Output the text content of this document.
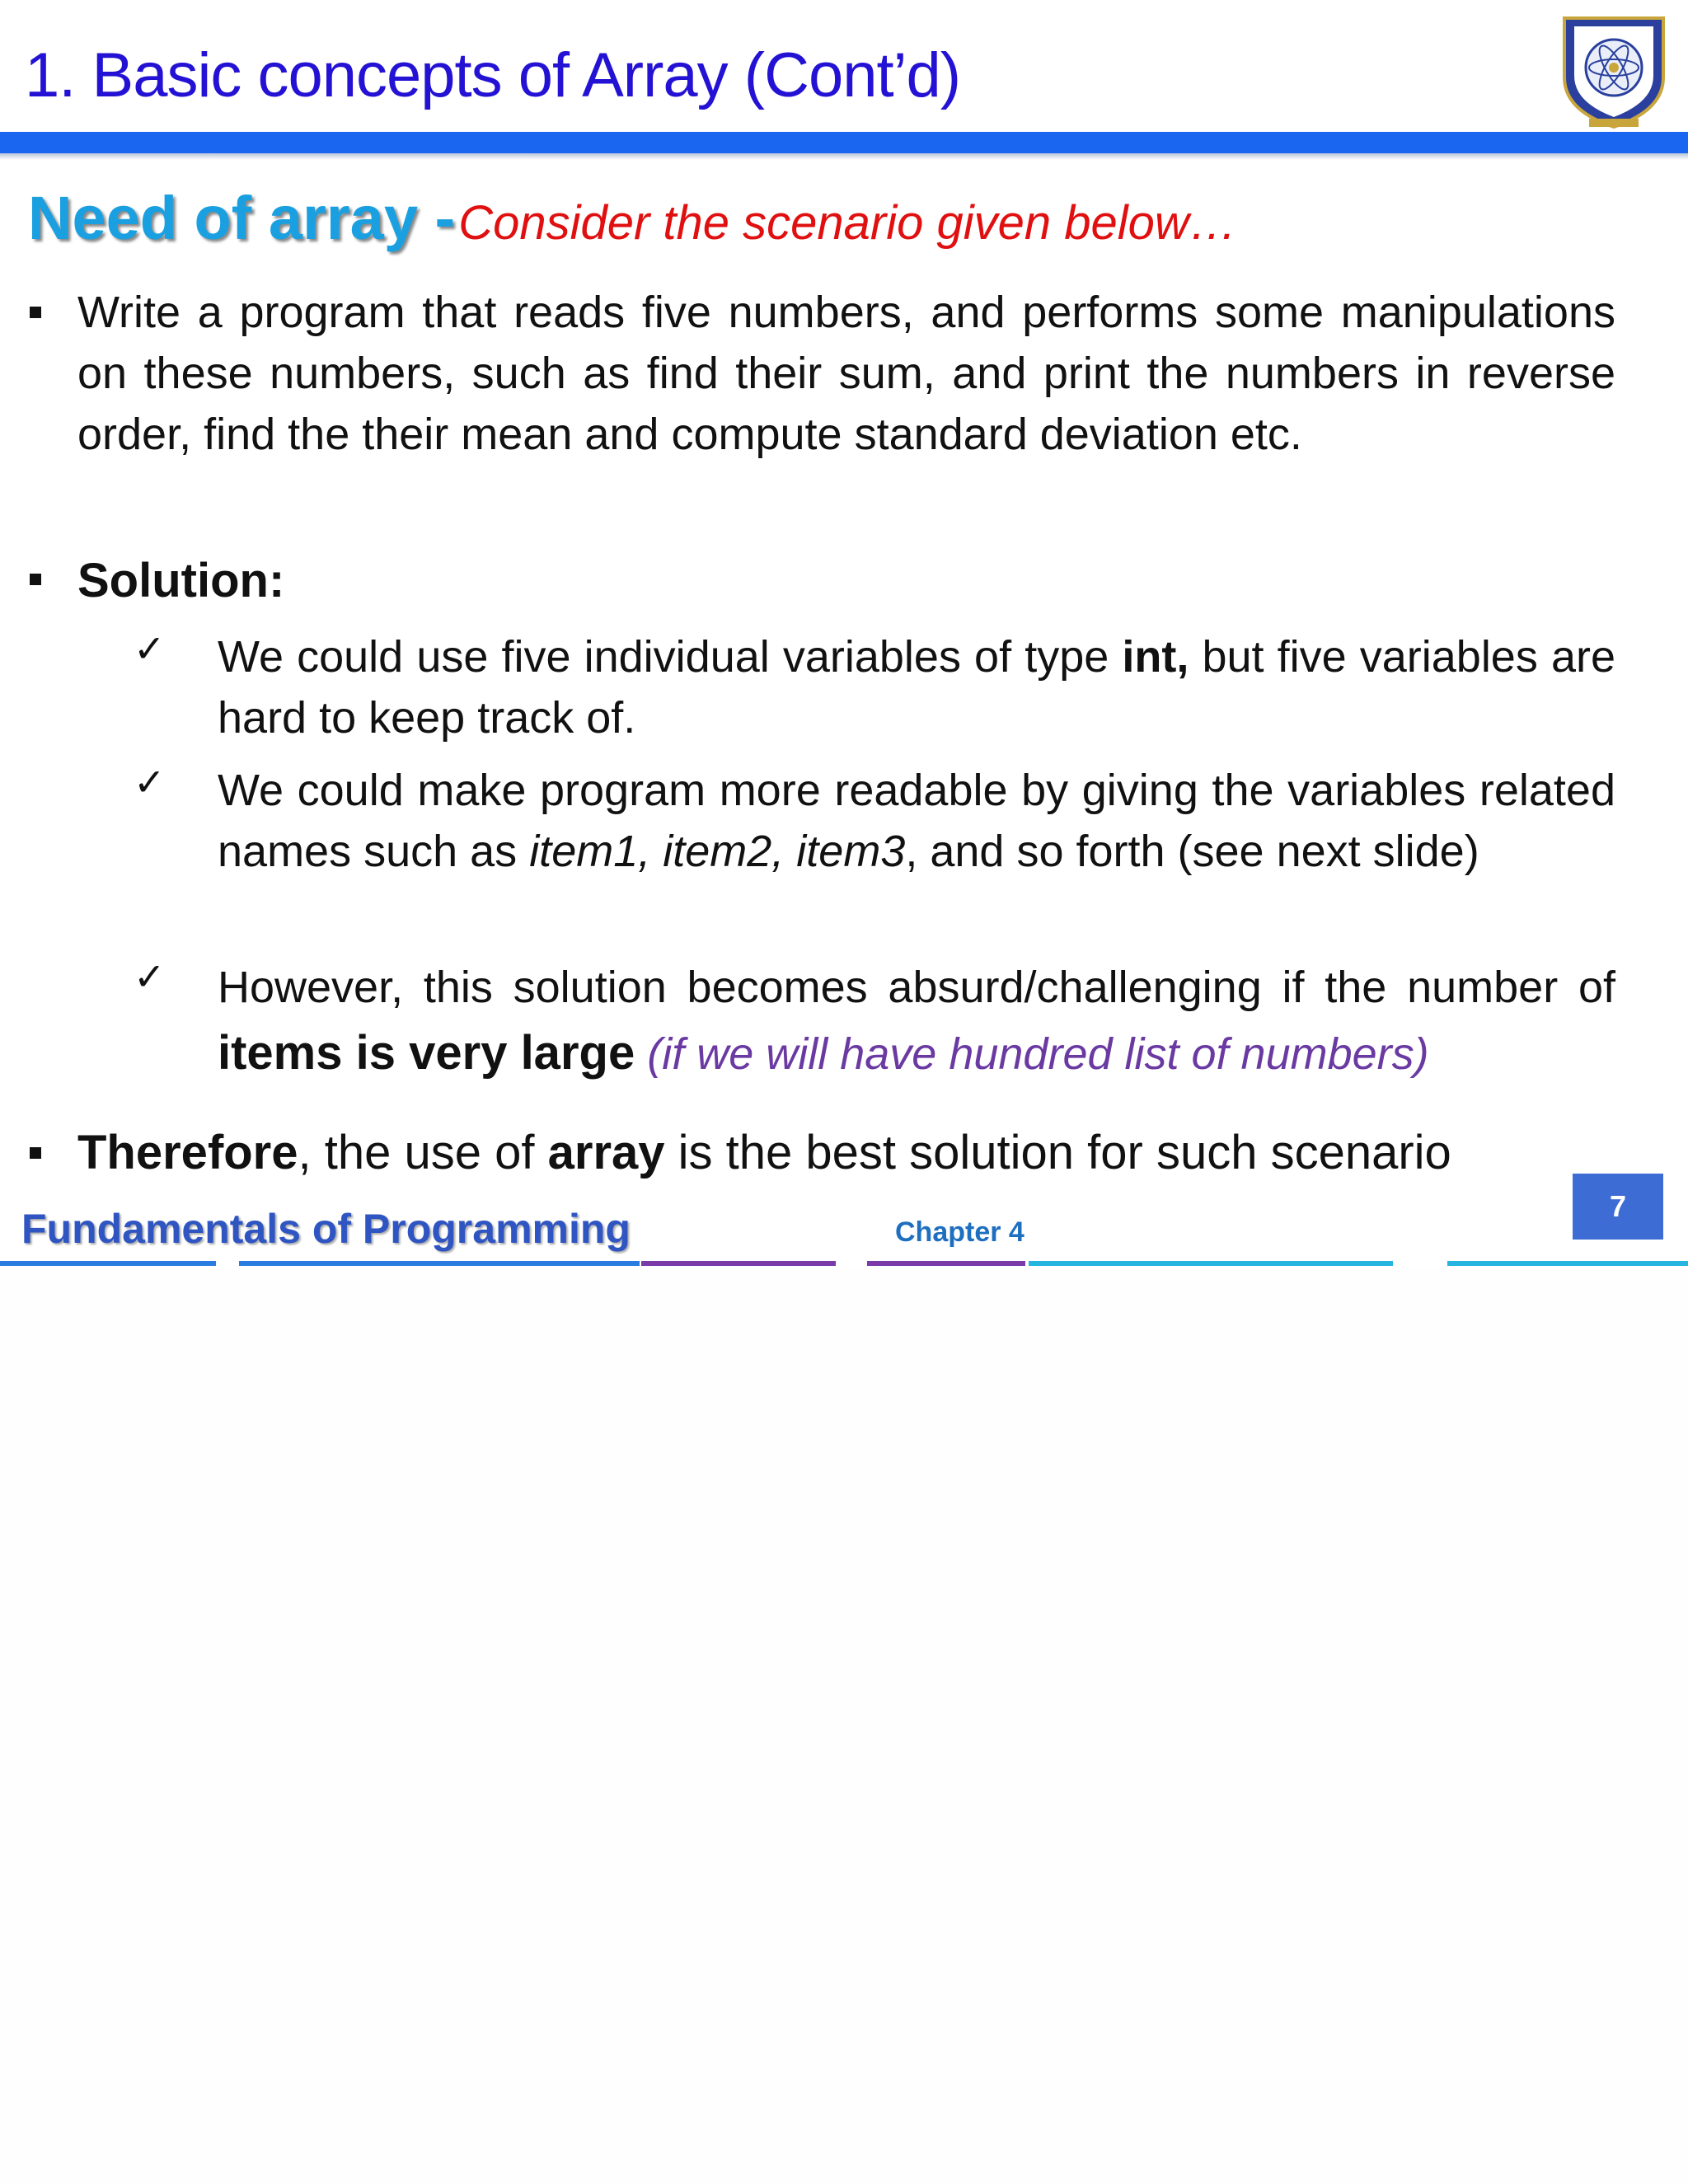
1. Basic concepts of Array (Cont’d)
Need of array - Consider the scenario given below…
Write a program that reads five numbers, and performs some manipulations on these numbers, such as find their sum, and print the numbers in reverse order, find the their mean and compute standard deviation etc.
Solution:
✓ We could use five individual variables of type int, but five variables are hard to keep track of.
✓ We could make program more readable by giving the variables related names such as item1, item2, item3, and so forth (see next slide)
✓ However, this solution becomes absurd/challenging if the number of items is very large (if we will have hundred list of numbers)
Therefore, the use of array is the best solution for such scenario
Fundamentals of Programming	Chapter 4
7
